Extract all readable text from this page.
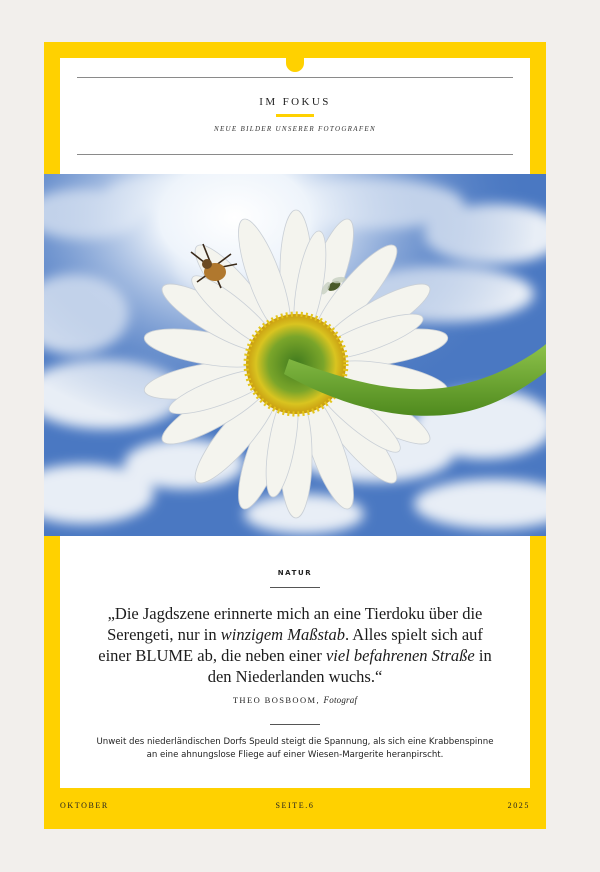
IM FOKUS
NEUE BILDER UNSERER FOTOGRAFEN
NATUR
„Die Jagdszene erinnerte mich an eine Tierdoku über die Serengeti, nur in winzigem Maßstab. Alles spielt sich auf einer BLUME ab, die neben einer viel befahrenen Straße in den Niederlanden wuchs.“
THEO BOSBOOM, Fotograf
Unweit des niederländischen Dorfs Speuld steigt die Spannung, als sich eine Krabbenspinne an eine ahnungslose Fliege auf einer Wiesen-Margerite heranpirscht.
OKTOBER	SEITE.6	2025
